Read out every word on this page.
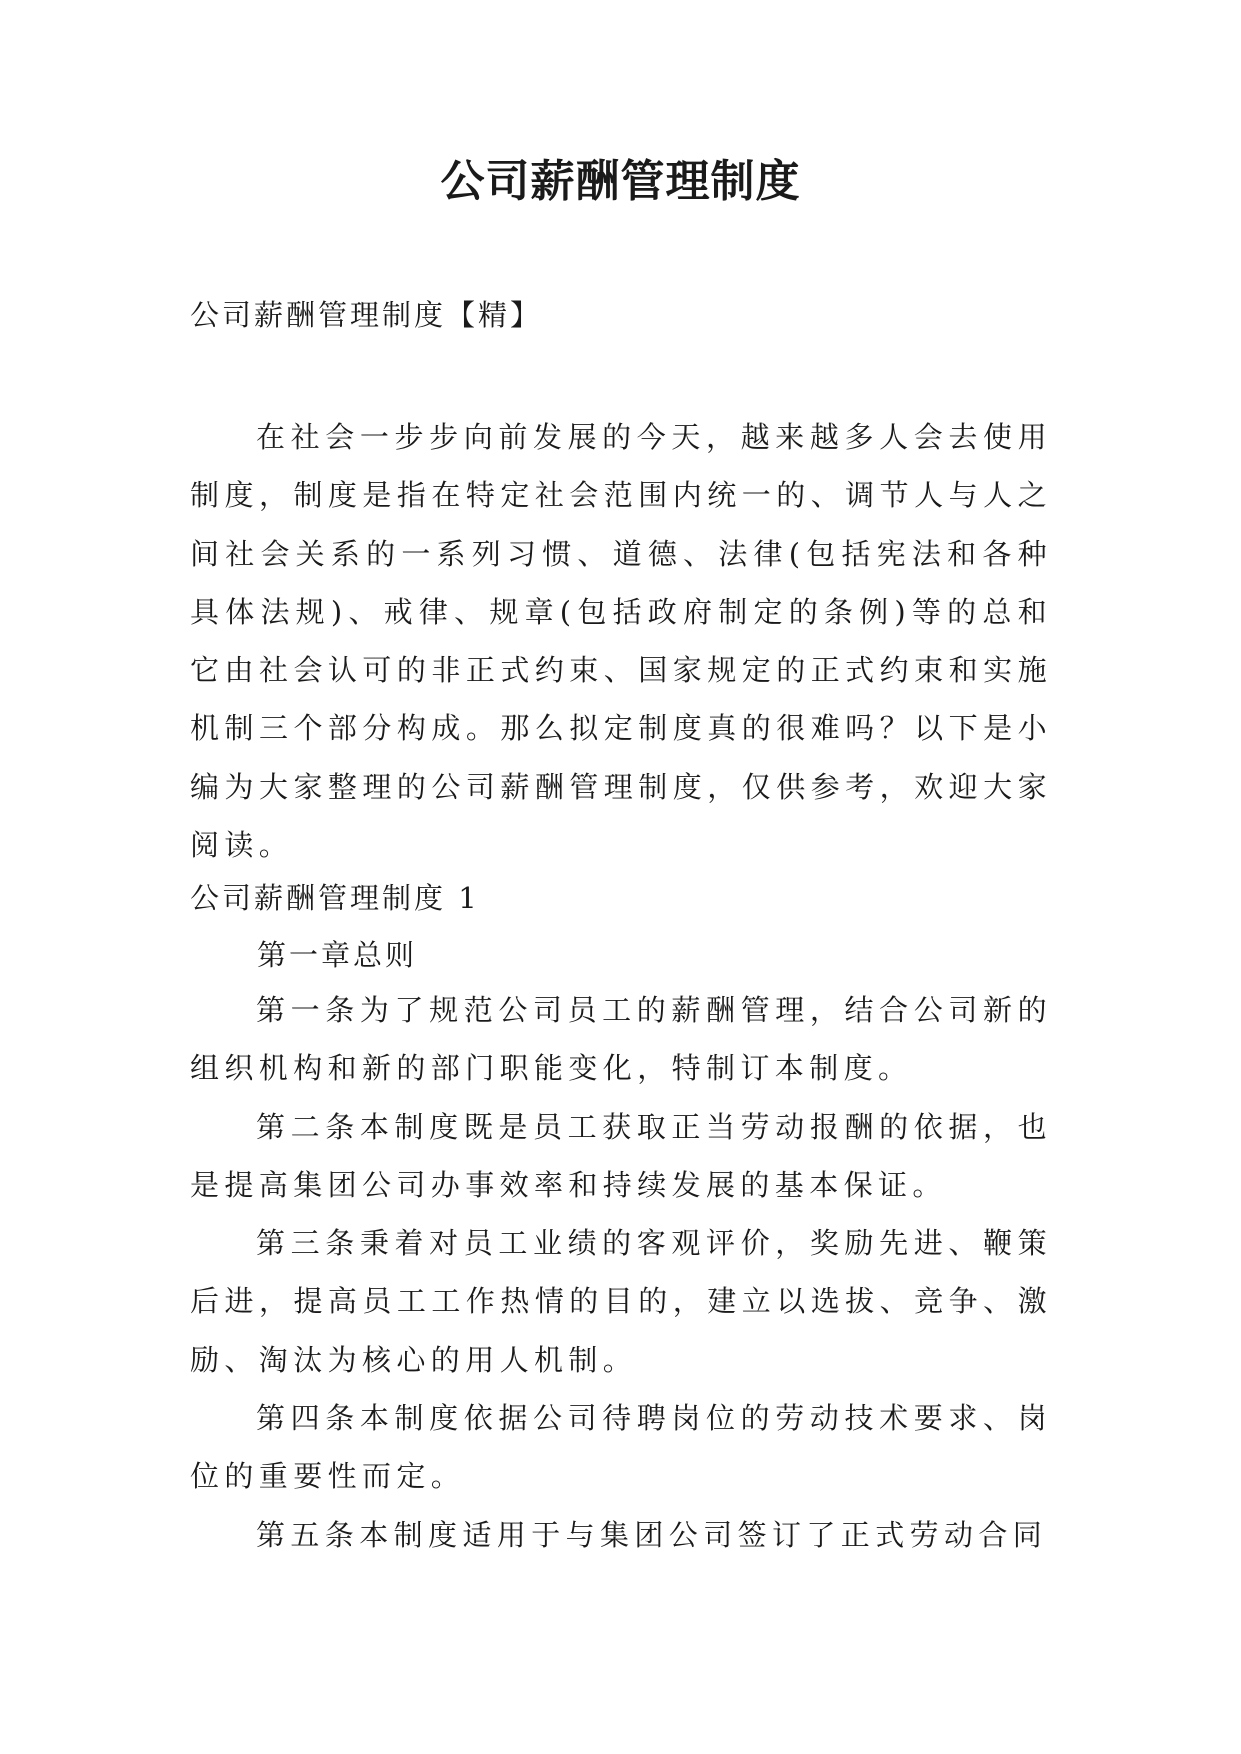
公司薪酬管理制度
公司薪酬管理制度【精】

在社会一步步向前发展的今天，越来越多人会去使用制度，制度是指在特定社会范围内统一的、调节人与人之间社会关系的一系列习惯、道德、法律(包括宪法和各种具体法规)、戒律、规章(包括政府制定的条例)等的总和它由社会认可的非正式约束、国家规定的正式约束和实施机制三个部分构成。那么拟定制度真的很难吗？以下是小编为大家整理的公司薪酬管理制度，仅供参考，欢迎大家阅读。

公司薪酬管理制度 1
第一章总则

第一条为了规范公司员工的薪酬管理，结合公司新的组织机构和新的部门职能变化，特制订本制度。

第二条本制度既是员工获取正当劳动报酬的依据，也是提高集团公司办事效率和持续发展的基本保证。

第三条秉着对员工业绩的客观评价，奖励先进、鞭策后进，提高员工工作热情的目的，建立以选拔、竞争、激励、淘汰为核心的用人机制。

第四条本制度依据公司待聘岗位的劳动技术要求、岗位的重要性而定。

第五条本制度适用于与集团公司签订了正式劳动合同
